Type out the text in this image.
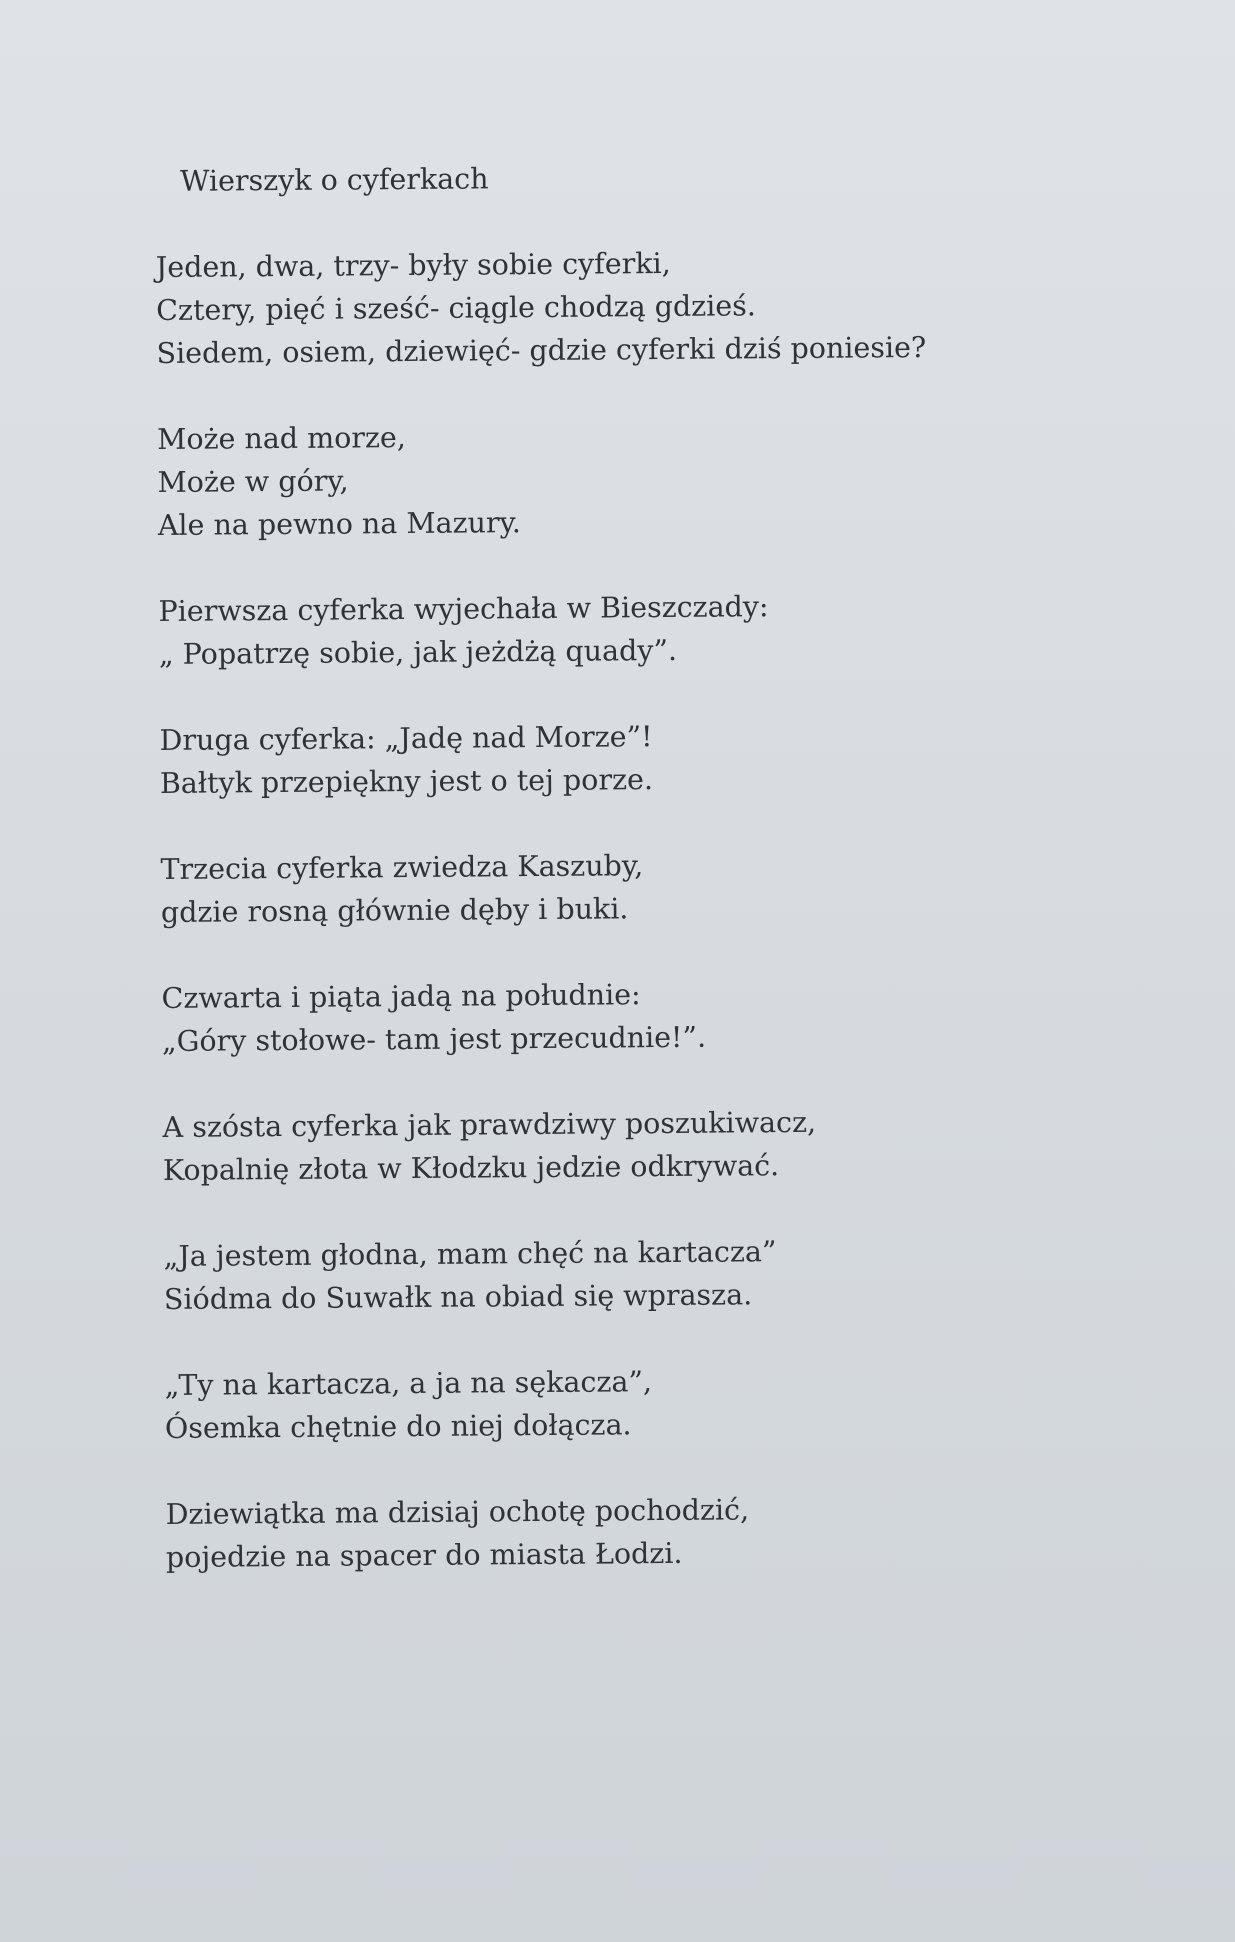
Wierszyk o cyferkach
Jeden, dwa, trzy- były sobie cyferki,
Cztery, pięć i sześć- ciągle chodzą gdzieś.
Siedem, osiem, dziewięć- gdzie cyferki dziś poniesie?
Może nad morze,
Może w góry,
Ale na pewno na Mazury.
Pierwsza cyferka wyjechała w Bieszczady:
„ Popatrzę sobie, jak jeżdżą quady”.
Druga cyferka: „Jadę nad Morze”!
Bałtyk przepiękny jest o tej porze.
Trzecia cyferka zwiedza Kaszuby,
gdzie rosną głównie dęby i buki.
Czwarta i piąta jadą na południe:
„Góry stołowe- tam jest przecudnie!”.
A szósta cyferka jak prawdziwy poszukiwacz,
Kopalnię złota w Kłodzku jedzie odkrywać.
„Ja jestem głodna, mam chęć na kartacza”
Siódma do Suwałk na obiad się wprasza.
„Ty na kartacza, a ja na sękacza”,
Ósemka chętnie do niej dołącza.
Dziewiątka ma dzisiaj ochotę pochodzić,
pojedzie na spacer do miasta Łodzi.
